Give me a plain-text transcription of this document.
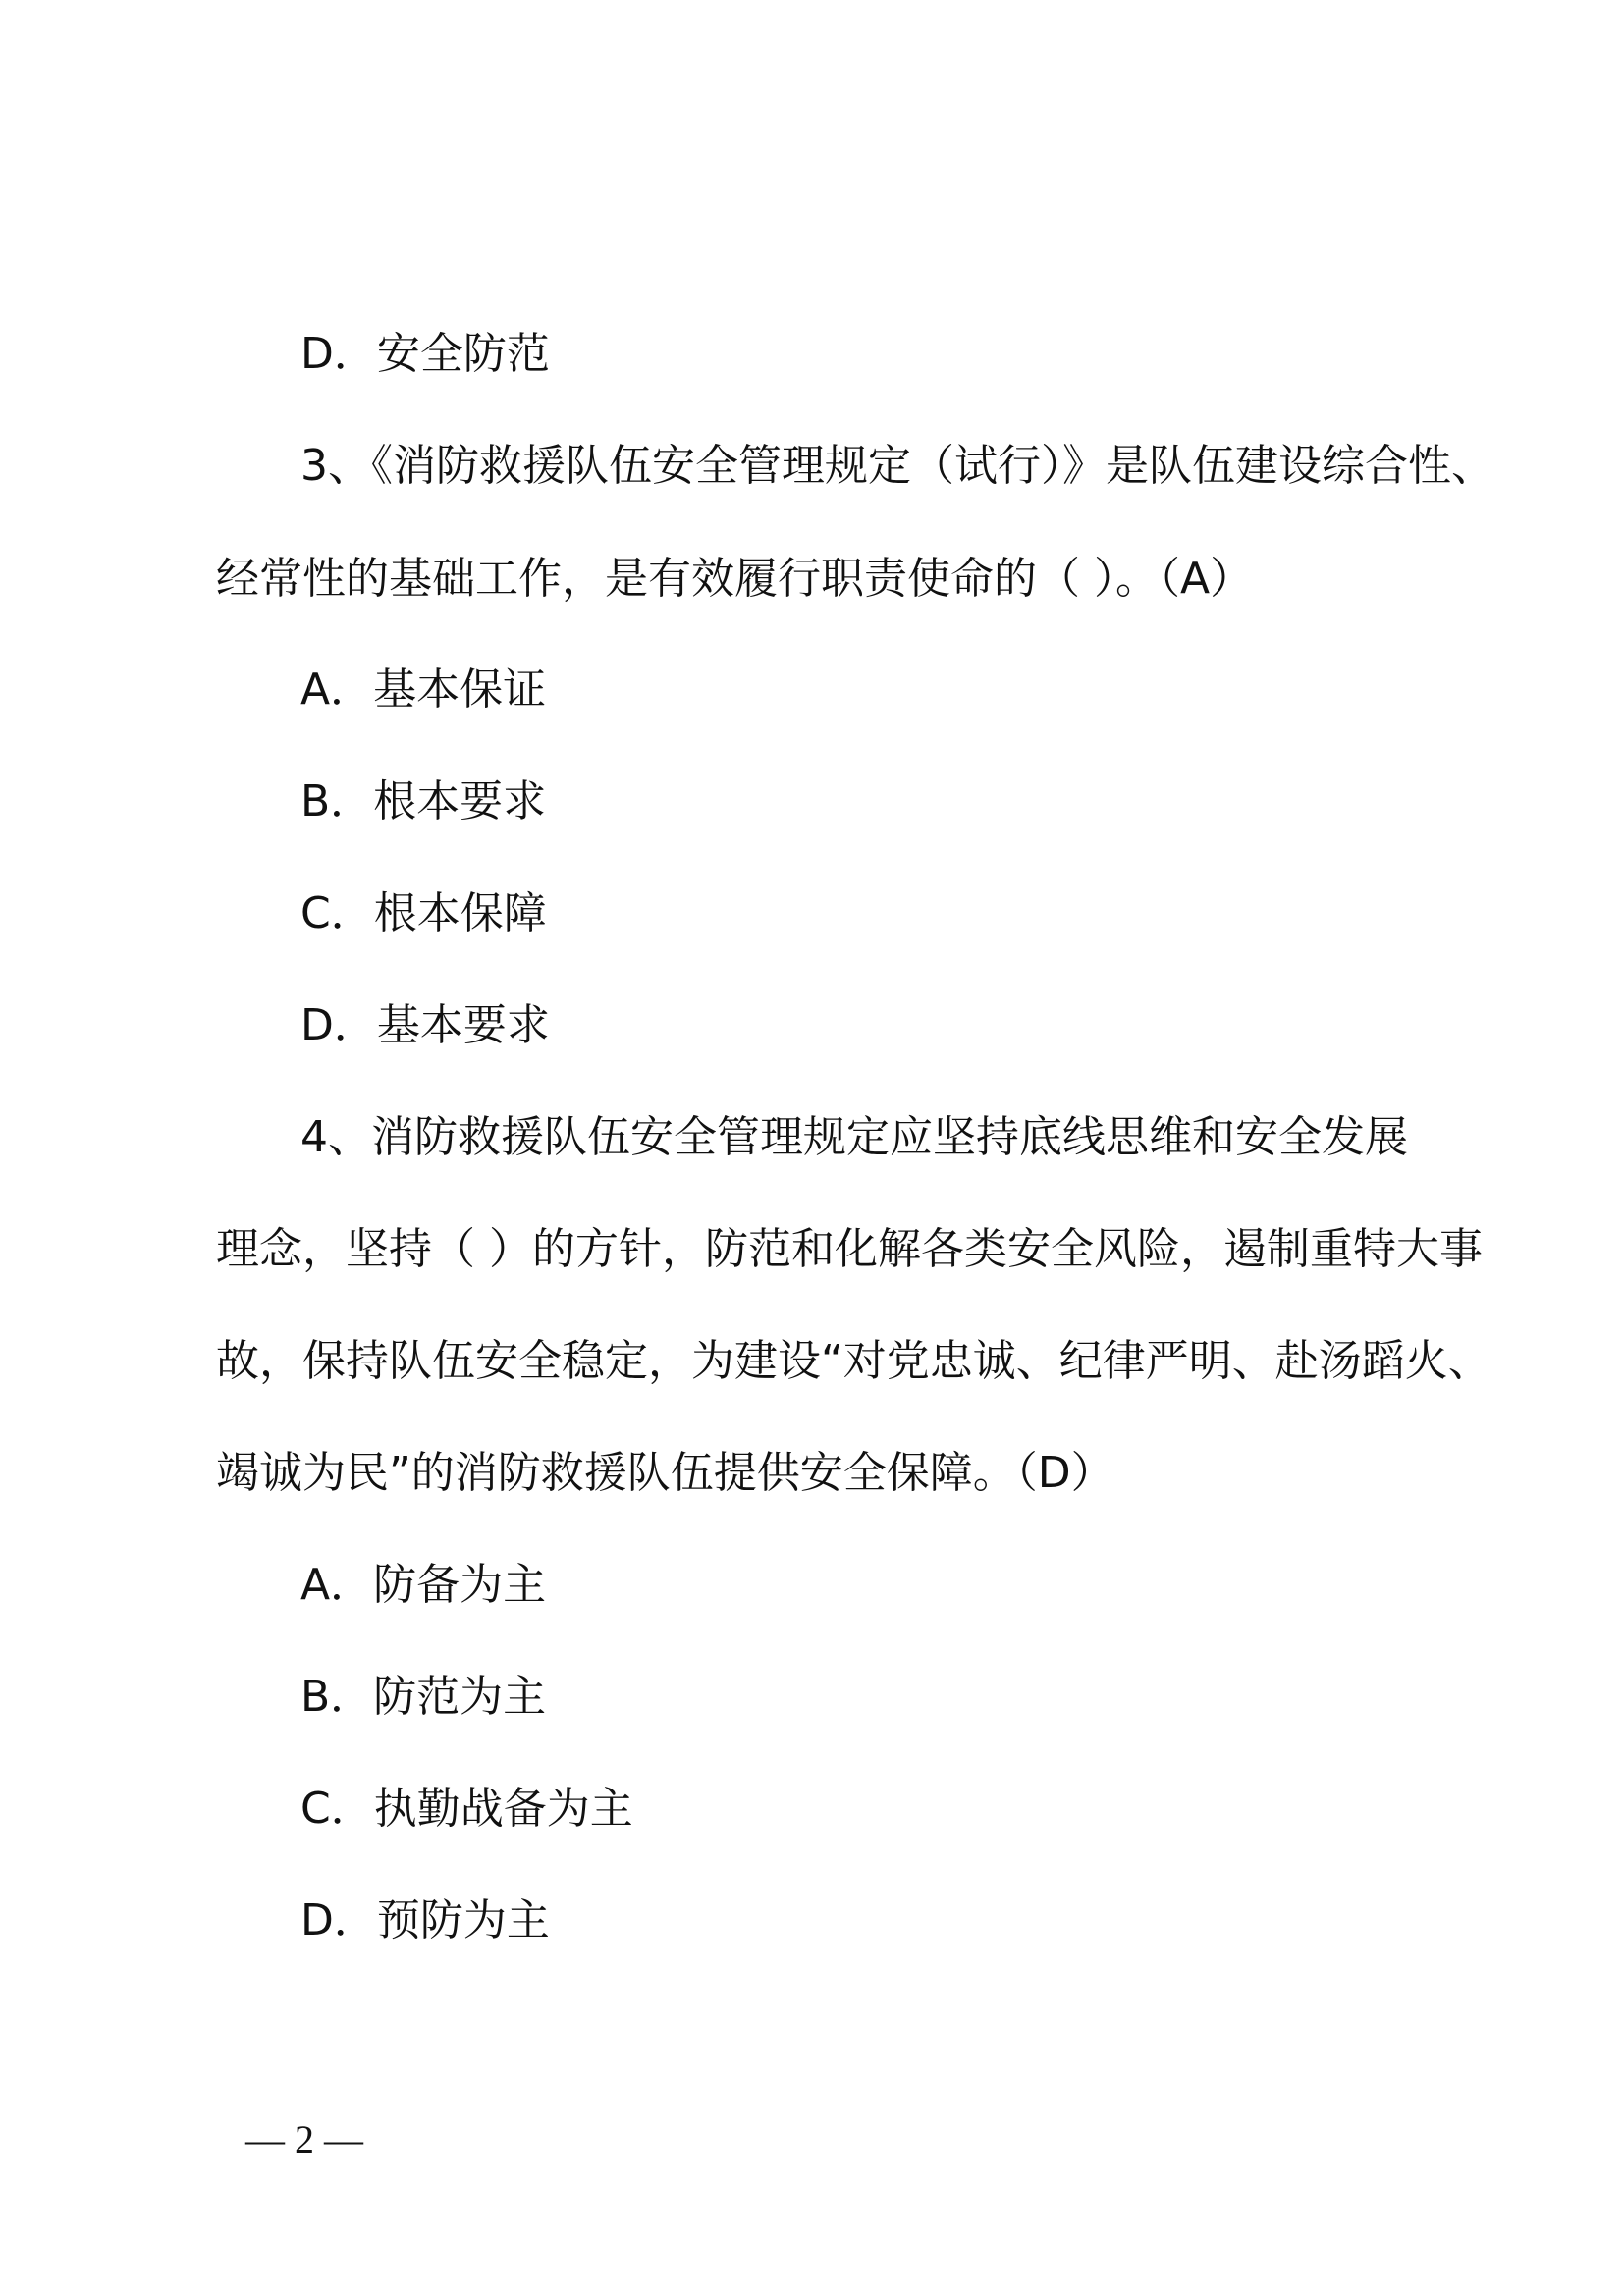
D．安全防范
3、《消防救援队伍安全管理规定（试行）》是队伍建设综合性、
经常性的基础工作，是有效履行职责使命的（ ）。（A）
A．基本保证
B．根本要求
C．根本保障
D．基本要求
4、消防救援队伍安全管理规定应坚持底线思维和安全发展
理念，坚持（ ）的方针，防范和化解各类安全风险，遏制重特大事
故，保持队伍安全稳定，为建设“对党忠诚、纪律严明、赴汤蹈火、
竭诚为民”的消防救援队伍提供安全保障。（D）
A．防备为主
B．防范为主
C．执勤战备为主
D．预防为主
— 2 —
